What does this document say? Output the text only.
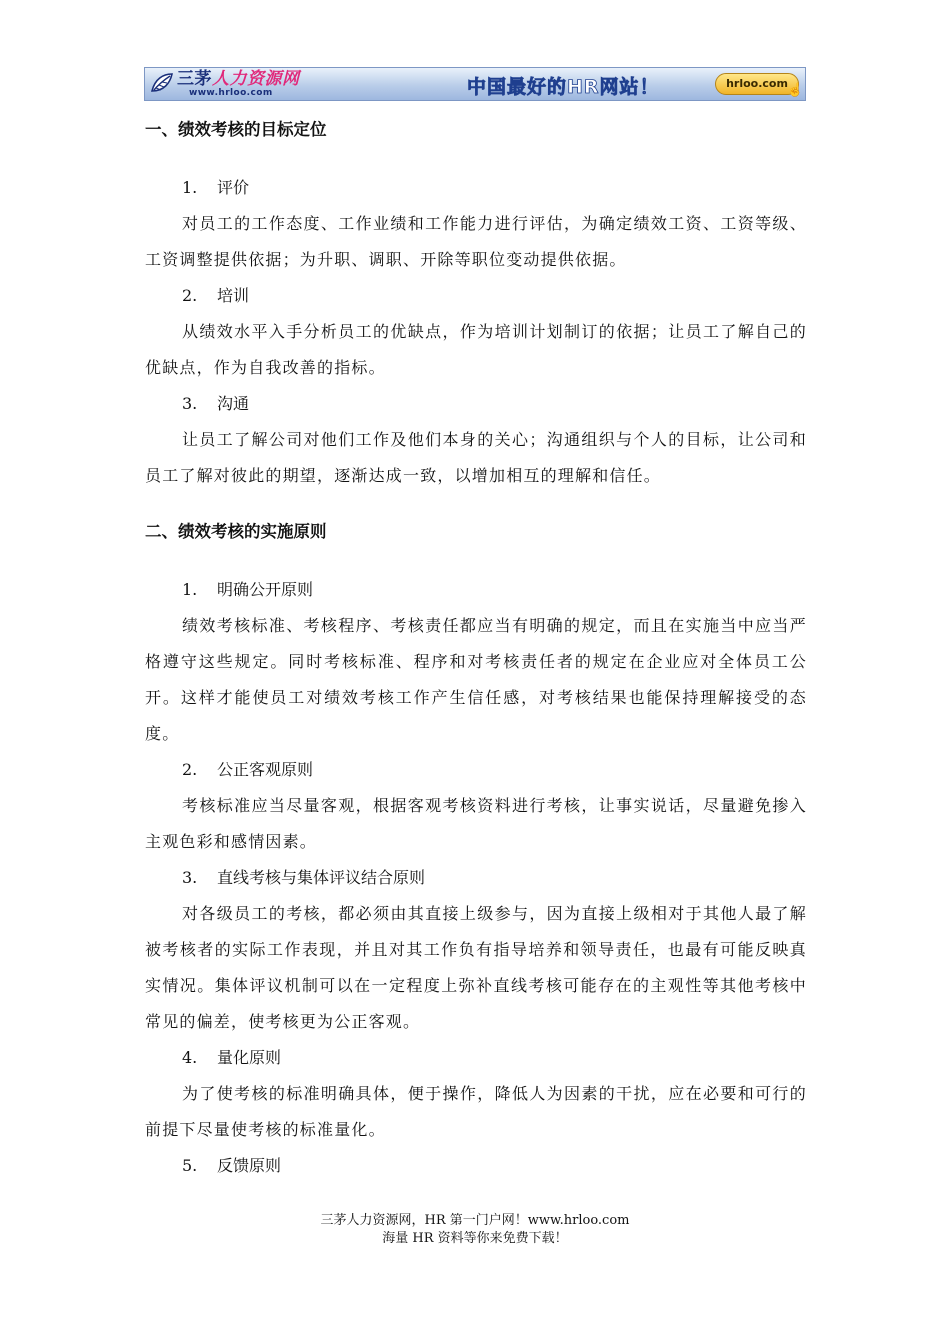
三茅人力资源网
www.hrloo.com	中国最好的HR网站！	hrloo.com ☝
一、绩效考核的目标定位
1. 评价

对员工的工作态度、工作业绩和工作能力进行评估，为确定绩效工资、工资等级、工资调整提供依据；为升职、调职、开除等职位变动提供依据。

2. 培训

从绩效水平入手分析员工的优缺点，作为培训计划制订的依据；让员工了解自己的优缺点，作为自我改善的指标。

3. 沟通

让员工了解公司对他们工作及他们本身的关心；沟通组织与个人的目标，让公司和员工了解对彼此的期望，逐渐达成一致，以增加相互的理解和信任。

二、绩效考核的实施原则
1. 明确公开原则

绩效考核标准、考核程序、考核责任都应当有明确的规定，而且在实施当中应当严格遵守这些规定。同时考核标准、程序和对考核责任者的规定在企业应对全体员工公开。这样才能使员工对绩效考核工作产生信任感，对考核结果也能保持理解接受的态度。

2. 公正客观原则

考核标准应当尽量客观，根据客观考核资料进行考核，让事实说话，尽量避免掺入主观色彩和感情因素。

3. 直线考核与集体评议结合原则

对各级员工的考核，都必须由其直接上级参与，因为直接上级相对于其他人最了解被考核者的实际工作表现，并且对其工作负有指导培养和领导责任，也最有可能反映真实情况。集体评议机制可以在一定程度上弥补直线考核可能存在的主观性等其他考核中常见的偏差，使考核更为公正客观。

4. 量化原则

为了使考核的标准明确具体，便于操作，降低人为因素的干扰，应在必要和可行的前提下尽量使考核的标准量化。

5. 反馈原则
三茅人力资源网，HR 第一门户网！www.hrloo.com
海量 HR 资料等你来免费下载！
